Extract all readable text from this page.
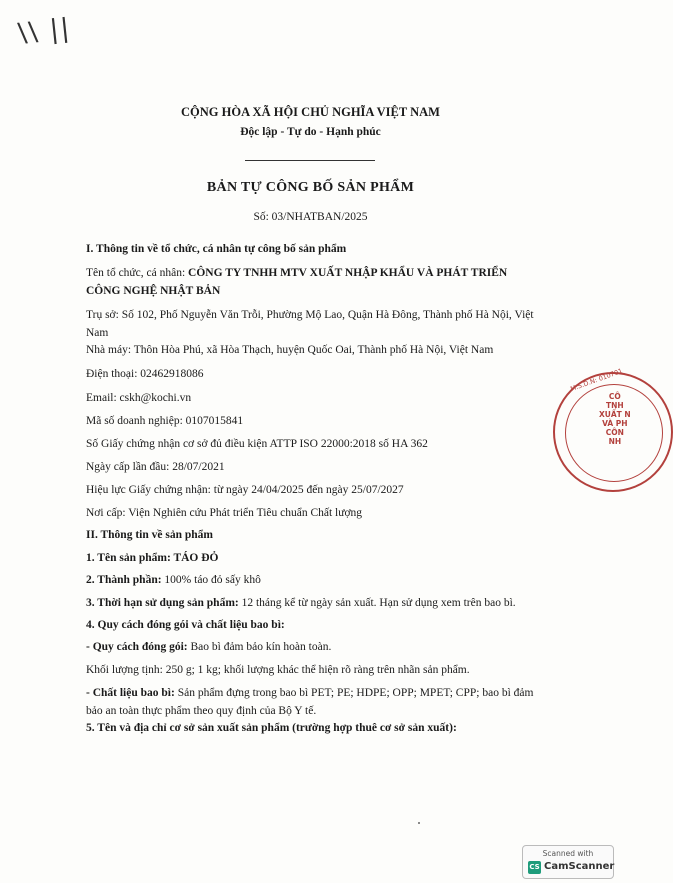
\\ ||
CỘNG HÒA XÃ HỘI CHỦ NGHĨA VIỆT NAM
Độc lập - Tự do - Hạnh phúc
BẢN TỰ CÔNG BỐ SẢN PHẨM
Số: 03/NHATBAN/2025
I. Thông tin về tổ chức, cá nhân tự công bố sản phẩm
Tên tổ chức, cá nhân: CÔNG TY TNHH MTV XUẤT NHẬP KHẨU VÀ PHÁT TRIỂN CÔNG NGHỆ NHẬT BẢN
Trụ sở: Số 102, Phố Nguyễn Văn Trỗi, Phường Mộ Lao, Quận Hà Đông, Thành phố Hà Nội, Việt Nam
Nhà máy: Thôn Hòa Phú, xã Hòa Thạch, huyện Quốc Oai, Thành phố Hà Nội, Việt Nam
Điện thoại: 02462918086
Email: cskh@kochi.vn
Mã số doanh nghiệp: 0107015841
Số Giấy chứng nhận cơ sở đủ điều kiện ATTP ISO 22000:2018 số HA 362
Ngày cấp lần đầu: 28/07/2021
Hiệu lực Giấy chứng nhận: từ ngày 24/04/2025 đến ngày 25/07/2027
Nơi cấp: Viện Nghiên cứu Phát triển Tiêu chuẩn Chất lượng
II. Thông tin về sản phẩm
1. Tên sản phẩm: TÁO ĐỎ
2. Thành phần: 100% táo đỏ sấy khô
3. Thời hạn sử dụng sản phẩm: 12 tháng kể từ ngày sản xuất. Hạn sử dụng xem trên bao bì.
4. Quy cách đóng gói và chất liệu bao bì:
- Quy cách đóng gói: Bao bì đảm bảo kín hoàn toàn.
Khối lượng tịnh: 250 g; 1 kg; khối lượng khác thể hiện rõ ràng trên nhãn sản phẩm.
- Chất liệu bao bì: Sản phẩm đựng trong bao bì PET; PE; HDPE; OPP; MPET; CPP; bao bì đảm bảo an toàn thực phẩm theo quy định của Bộ Y tế.
5. Tên và địa chỉ cơ sở sản xuất sản phẩm (trường hợp thuê cơ sở sản xuất):
M.S.D.N: 010701
CÔ
TNH
XUẤT N
VÀ PH
CÔN
NH
Scanned with
CS CamScanner
